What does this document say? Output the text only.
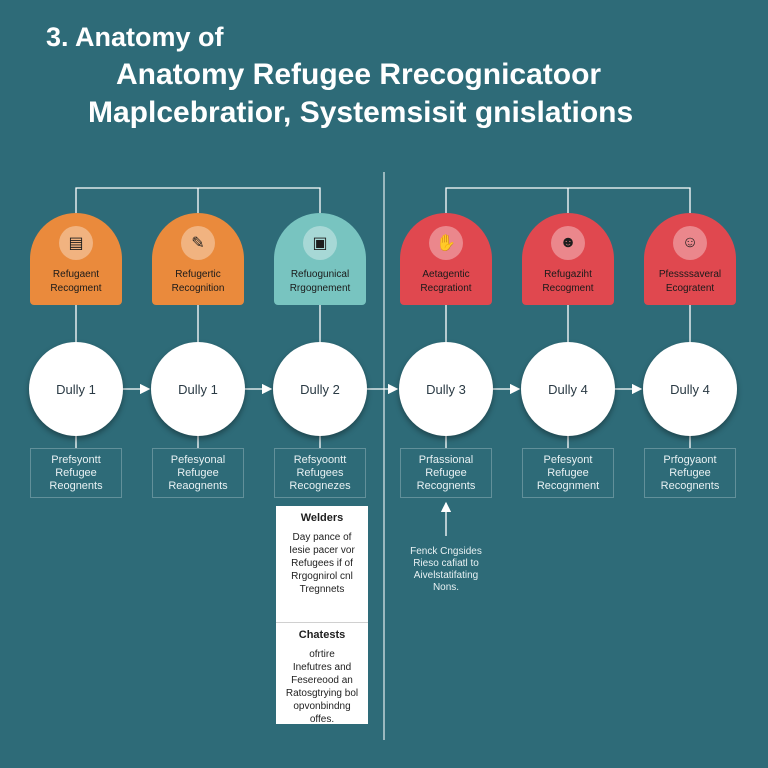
3. Anatomy of
Anatomy Refugee Rrecognicatoor
Maplcebratior, Systemsisit gnislations
▤
Refugaent
Recogment
✎
Refugertic
Recognition
▣
Refuogunical
Rrgognement
✋
Aetagentic
Recgrationt
☻
Refugaziht
Recogment
☺
Pfessssaveral
Ecogratent
Dully 1	Dully 1	Dully 2	Dully 3	Dully 4	Dully 4
Prefsyontt
Refugee
Reognents
Pefesyonal
Refugee
Reaognents
Refsyoontt
Refugees
Recognezes
Prfassional
Refugee
Recognents
Pefesyont
Refugee
Recognment
Prfogyaont
Refugee
Recognents
Welders
Day pance of
Iesie pacer vor
Refugees if of
Rrgognirol cnl
Tregnnets
Chatests
ofrtire
Inefutres and
Fesereood an
Ratosgtrying bol
opvonbindng
offes.
Fenck Cngsides
Rieso cafiatl to
Aivelstatifating
Nons.
